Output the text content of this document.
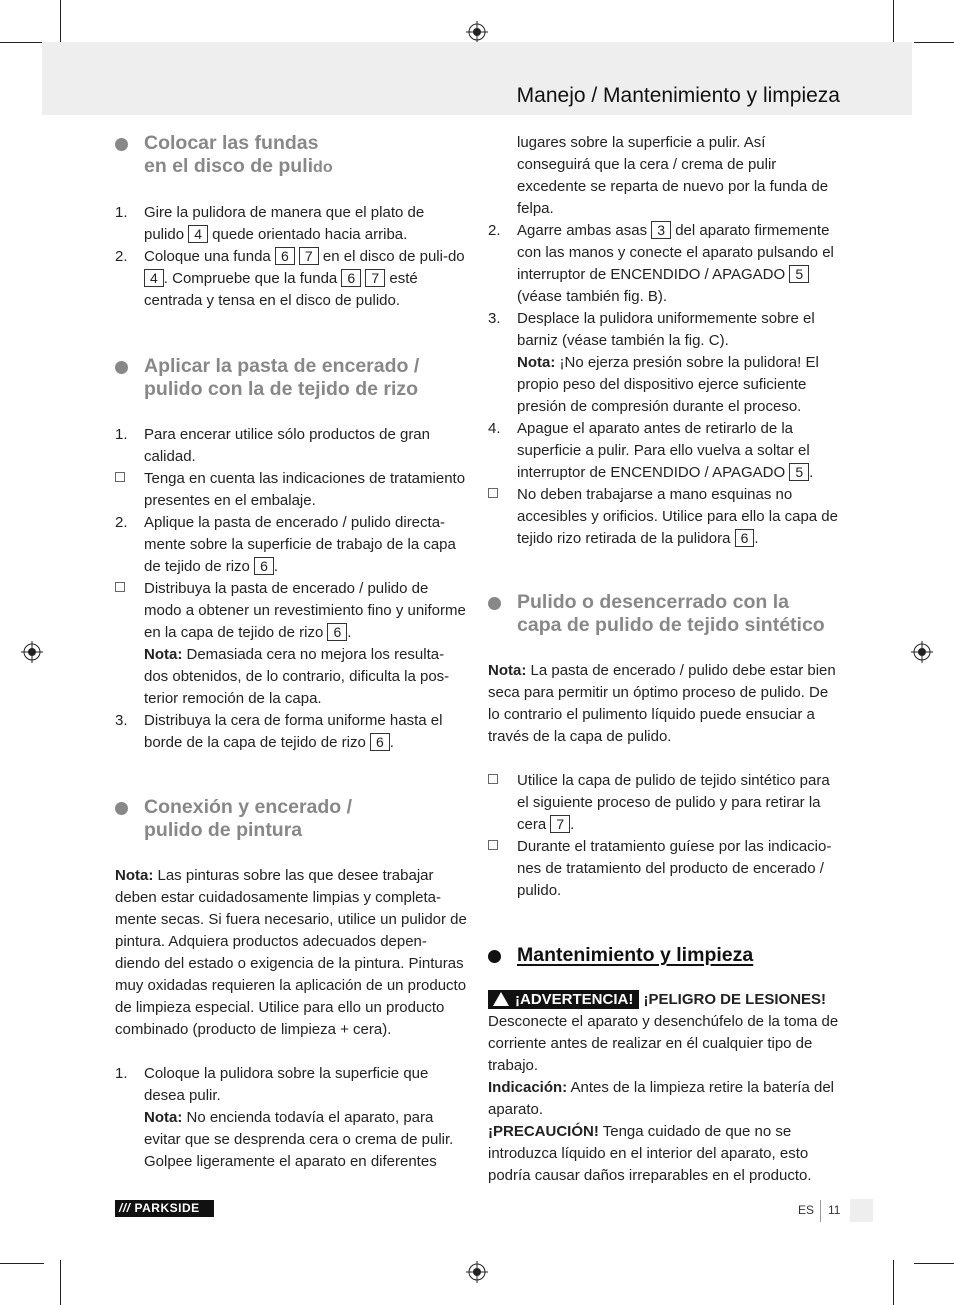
Manejo / Mantenimiento y limpieza
Colocar las fundas
en el disco de pulido
1. Gire la pulidora de manera que el plato de pulido 4 quede orientado hacia arriba.
2. Coloque una funda 6 7 en el disco de puli-do 4 . Compruebe que la funda 6 7 esté centrada y tensa en el disco de pulido.
Aplicar la pasta de encerado /
pulido con la de tejido de rizo
1. Para encerar utilice sólo productos de gran calidad.
Tenga en cuenta las indicaciones de tratamiento presentes en el embalaje.
2. Aplique la pasta de encerado / pulido directa-mente sobre la superficie de trabajo de la capa de tejido de rizo 6 .
Distribuya la pasta de encerado / pulido de modo a obtener un revestimiento fino y uniforme en la capa de tejido de rizo 6 .
Nota: Demasiada cera no mejora los resulta-dos obtenidos, de lo contrario, dificulta la pos-terior remoción de la capa.
3. Distribuya la cera de forma uniforme hasta el borde de la capa de tejido de rizo 6 .
Conexión y encerado /
pulido de pintura

Nota: Las pinturas sobre las que desee trabajar deben estar cuidadosamente limpias y completa-mente secas. Si fuera necesario, utilice un pulidor de pintura. Adquiera productos adecuados depen-diendo del estado o exigencia de la pintura. Pinturas muy oxidadas requieren la aplicación de un producto de limpieza especial. Utilice para ello un producto combinado (producto de limpieza + cera).

1. Coloque la pulidora sobre la superficie que desea pulir.
Nota: No encienda todavía el aparato, para evitar que se desprenda cera o crema de pulir. Golpee ligeramente el aparato en diferentes
lugares sobre la superficie a pulir. Así conseguirá que la cera / crema de pulir excedente se reparta de nuevo por la funda de felpa.
2. Agarre ambas asas 3 del aparato firmemente con las manos y conecte el aparato pulsando el interruptor de ENCENDIDO / APAGADO 5 (véase también fig. B).
3. Desplace la pulidora uniformemente sobre el barniz (véase también la fig. C).
Nota: ¡No ejerza presión sobre la pulidora! El propio peso del dispositivo ejerce suficiente presión de compresión durante el proceso.
4. Apague el aparato antes de retirarlo de la superficie a pulir. Para ello vuelva a soltar el interruptor de ENCENDIDO / APAGADO 5 .
No deben trabajarse a mano esquinas no accesibles y orificios. Utilice para ello la capa de tejido rizo retirada de la pulidora 6 .
Pulido o desencerrado con la
capa de pulido de tejido sintético

Nota: La pasta de encerado / pulido debe estar bien seca para permitir un óptimo proceso de pulido. De lo contrario el pulimento líquido puede ensuciar a través de la capa de pulido.

Utilice la capa de pulido de tejido sintético para el siguiente proceso de pulido y para retirar la cera 7 .
Durante el tratamiento guíese por las indicacio-nes de tratamiento del producto de encerado / pulido.
Mantenimiento y limpieza

¡ADVERTENCIA! ¡PELIGRO DE LESIONES! Desconecte el aparato y desenchúfelo de la toma de corriente antes de realizar en él cualquier tipo de trabajo.

Indicación: Antes de la limpieza retire la batería del aparato.

¡PRECAUCIÓN! Tenga cuidado de que no se introduzca líquido en el interior del aparato, esto podría causar daños irreparables en el producto.

/// PARKSIDE	ES 11
